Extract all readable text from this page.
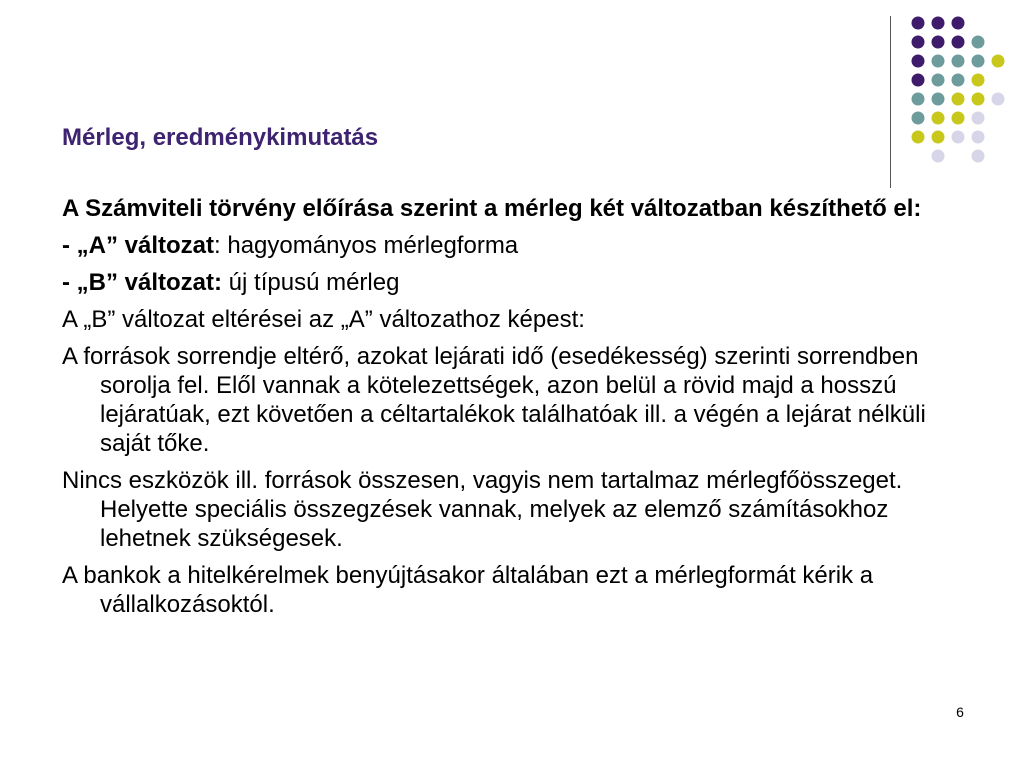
Mérleg, eredménykimutatás
A Számviteli törvény előírása szerint a mérleg két változatban készíthető el:
- „A” változat: hagyományos mérlegforma
- „B” változat: új típusú mérleg
A „B” változat eltérései az „A” változathoz képest:
A források sorrendje eltérő, azokat lejárati idő (esedékesség) szerinti sorrendben sorolja fel. Elől vannak a kötelezettségek, azon belül a rövid majd a hosszú lejáratúak, ezt követően a céltartalékok találhatóak ill. a végén a lejárat nélküli saját tőke.
Nincs eszközök ill. források összesen, vagyis nem tartalmaz mérlegfőösszeget. Helyette speciális összegzések vannak, melyek az elemző számításokhoz lehetnek szükségesek.
A bankok a hitelkérelmek benyújtásakor általában ezt a mérlegformát kérik a vállalkozásoktól.
6
